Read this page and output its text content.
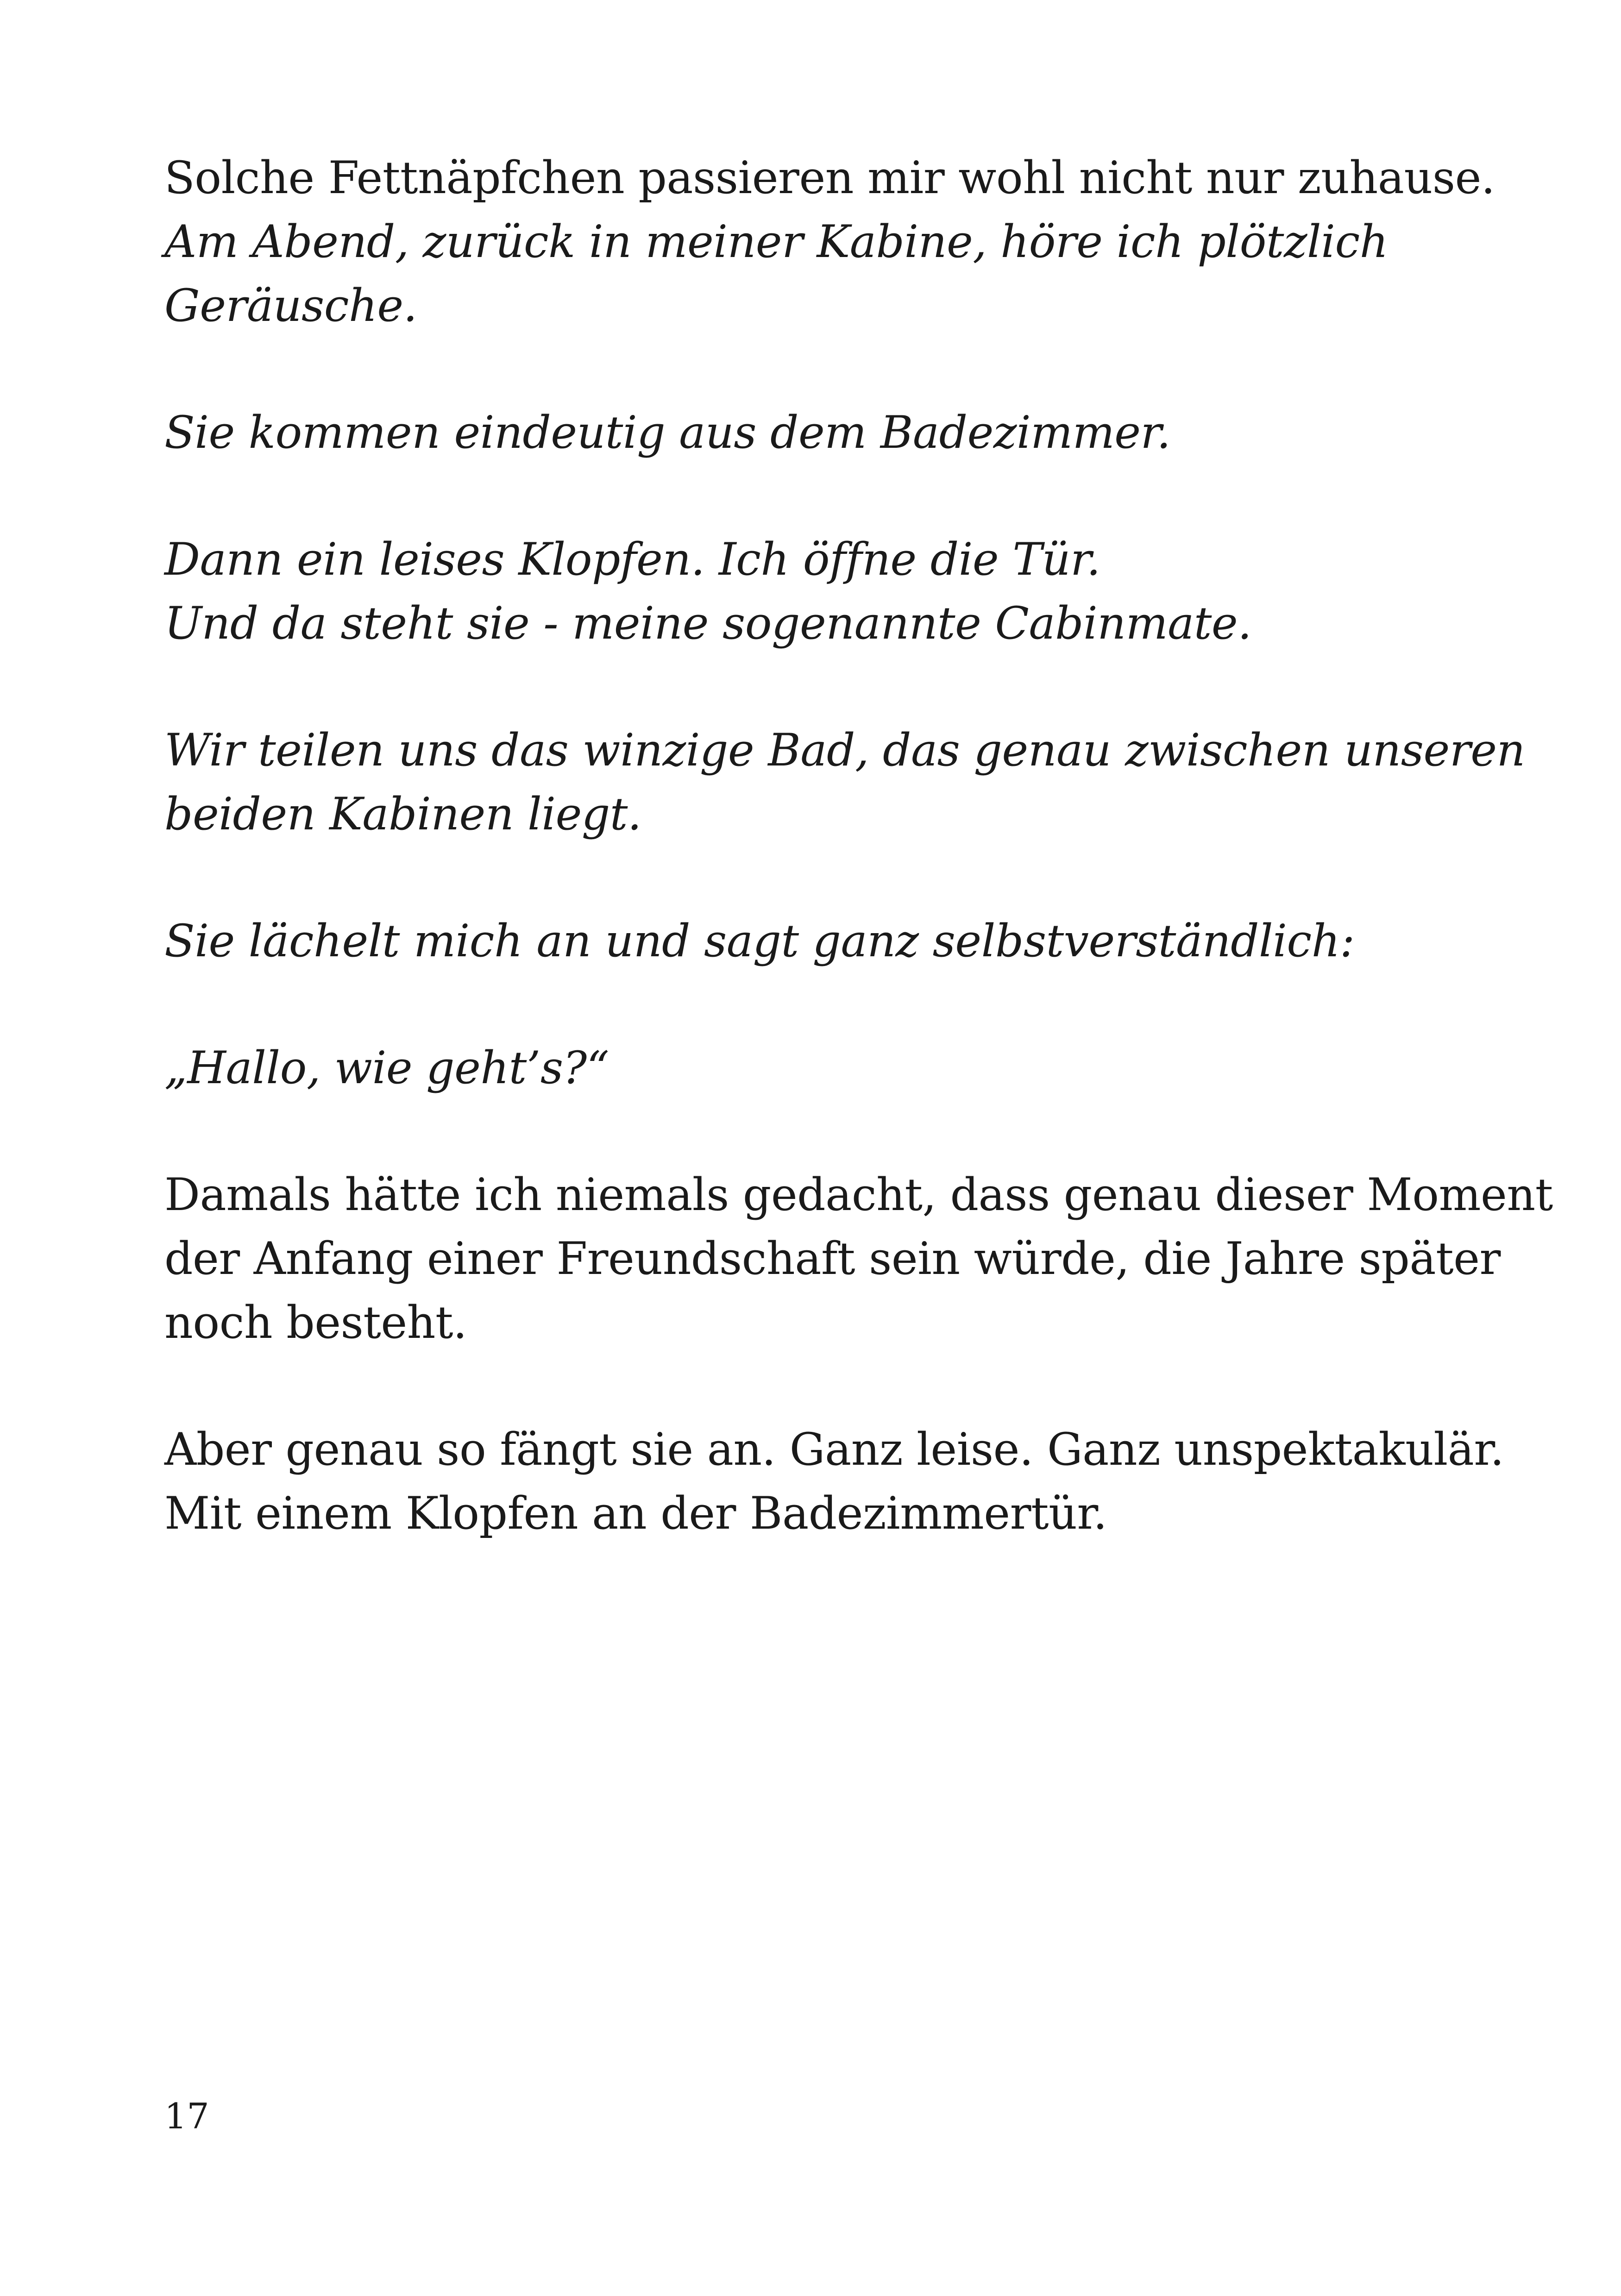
Solche Fettnäpfchen passieren mir wohl nicht nur zuhause.
Am Abend, zurück in meiner Kabine, höre ich plötzlich
Geräusche.
Sie kommen eindeutig aus dem Badezimmer.
Dann ein leises Klopfen. Ich öffne die Tür.
Und da steht sie - meine sogenannte Cabinmate.
Wir teilen uns das winzige Bad, das genau zwischen unseren
beiden Kabinen liegt.
Sie lächelt mich an und sagt ganz selbstverständlich:
„Hallo, wie geht’s?“
Damals hätte ich niemals gedacht, dass genau dieser Moment
der Anfang einer Freundschaft sein würde, die Jahre später
noch besteht.
Aber genau so fängt sie an. Ganz leise. Ganz unspektakulär.
Mit einem Klopfen an der Badezimmertür.
17
